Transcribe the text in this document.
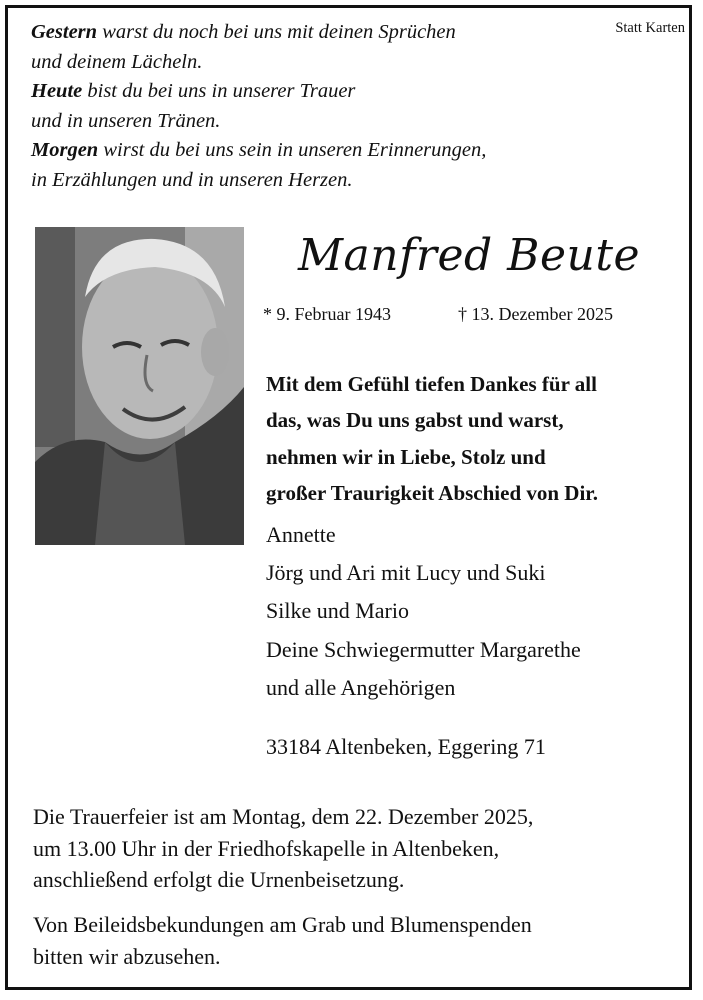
Statt Karten
Gestern warst du noch bei uns mit deinen Sprüchen
und deinem Lächeln.
Heute bist du bei uns in unserer Trauer
und in unseren Tränen.
Morgen wirst du bei uns sein in unseren Erinnerungen,
in Erzählungen und in unseren Herzen.
Manfred Beute
* 9. Februar 1943	† 13. Dezember 2025
Mit dem Gefühl tiefen Dankes für all
das, was Du uns gabst und warst,
nehmen wir in Liebe, Stolz und
großer Traurigkeit Abschied von Dir.
Annette
Jörg und Ari mit Lucy und Suki
Silke und Mario
Deine Schwiegermutter Margarethe
und alle Angehörigen
33184 Altenbeken, Eggering 71
Die Trauerfeier ist am Montag, dem 22. Dezember 2025,
um 13.00 Uhr in der Friedhofskapelle in Altenbeken,
anschließend erfolgt die Urnenbeisetzung.
Von Beileidsbekundungen am Grab und Blumenspenden
bitten wir abzusehen.
